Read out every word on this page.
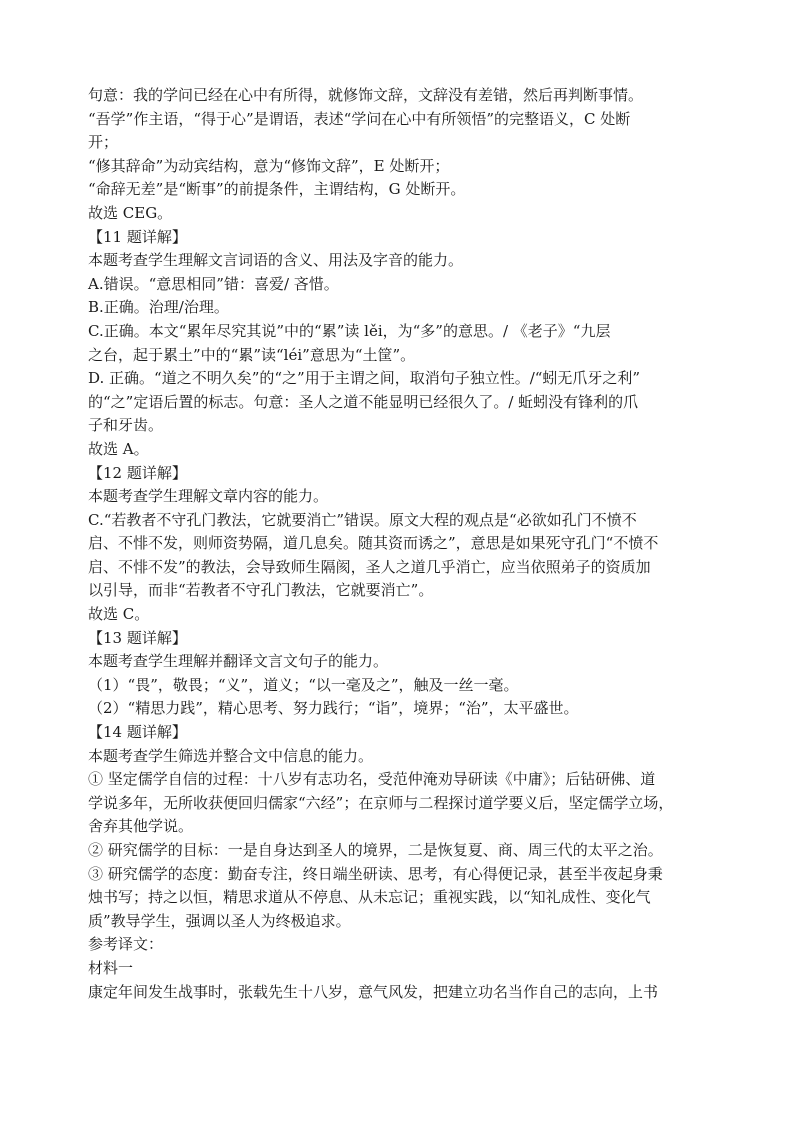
句意：我的学问已经在心中有所得，就修饰文辞，文辞没有差错，然后再判断事情。
“吾学”作主语，“得于心”是谓语，表述“学问在心中有所领悟”的完整语义，C 处断
开；
“修其辞命”为动宾结构，意为“修饰文辞”，E 处断开；
“命辞无差”是“断事”的前提条件，主谓结构，G 处断开。
故选 CEG。
【11 题详解】
本题考查学生理解文言词语的含义、用法及字音的能力。
A.错误。“意思相同”错：喜爱/ 吝惜。
B.正确。治理/治理。
C.正确。本文“累年尽究其说”中的“累”读 lěi，为“多”的意思。/ 《老子》“九层
之台，起于累土”中的“累”读“léi”意思为“土筐”。
D. 正确。“道之不明久矣”的“之”用于主谓之间，取消句子独立性。/“蚓无爪牙之利”
的“之”定语后置的标志。句意：圣人之道不能显明已经很久了。/ 蚯蚓没有锋利的爪
子和牙齿。
故选 A。
【12 题详解】
本题考查学生理解文章内容的能力。
C.“若教者不守孔门教法，它就要消亡”错误。原文大程的观点是“必欲如孔门不愤不
启、不悱不发，则师资势隔，道几息矣。随其资而诱之”，意思是如果死守孔门“不愤不
启、不悱不发”的教法，会导致师生隔阂，圣人之道几乎消亡，应当依照弟子的资质加
以引导，而非“若教者不守孔门教法，它就要消亡”。
故选 C。
【13 题详解】
本题考查学生理解并翻译文言文句子的能力。
（1）“畏”，敬畏；“义”，道义；“以一毫及之”，触及一丝一毫。
（2）“精思力践”，精心思考、努力践行；“诣”，境界；“治”，太平盛世。
【14 题详解】
本题考查学生筛选并整合文中信息的能力。
① 坚定儒学自信的过程：十八岁有志功名，受范仲淹劝导研读《中庸》；后钻研佛、道
学说多年，无所收获便回归儒家“六经”；在京师与二程探讨道学要义后，坚定儒学立场，
舍弃其他学说。
② 研究儒学的目标：一是自身达到圣人的境界，二是恢复夏、商、周三代的太平之治。
③ 研究儒学的态度：勤奋专注，终日端坐研读、思考，有心得便记录，甚至半夜起身秉
烛书写；持之以恒，精思求道从不停息、从未忘记；重视实践，以“知礼成性、变化气
质”教导学生，强调以圣人为终极追求。
参考译文：
材料一
康定年间发生战事时，张载先生十八岁，意气风发，把建立功名当作自己的志向，上书
